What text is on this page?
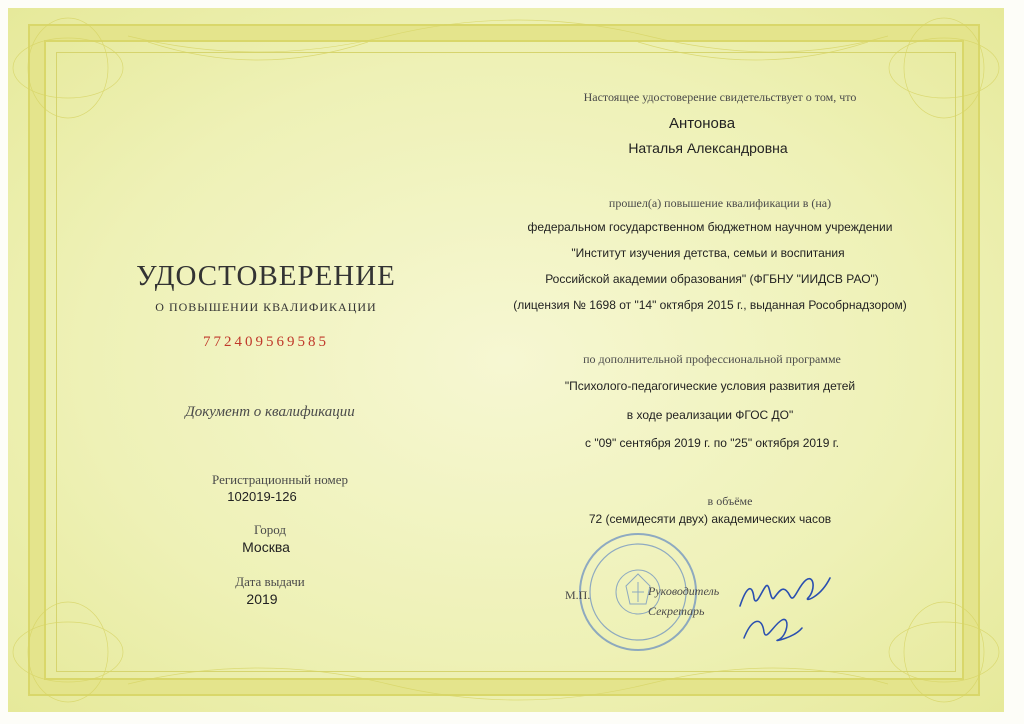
УДОСТОВЕРЕНИЕ
О ПОВЫШЕНИИ КВАЛИФИКАЦИИ
772409569585
Документ о квалификации
Регистрационный номер
102019-126
Город
Москва
Дата выдачи
2019
Настоящее удостоверение свидетельствует о том, что
Антонова
Наталья Александровна
прошел(а) повышение квалификации в (на)
федеральном государственном бюджетном научном учреждении
"Институт изучения детства, семьи и воспитания
Российской академии образования" (ФГБНУ "ИИДСВ РАО")
(лицензия № 1698 от "14" октября 2015 г., выданная Рособрнадзором)
по дополнительной профессиональной программе
"Психолого-педагогические условия развития детей
в ходе реализации ФГОС ДО"
с "09" сентября 2019 г. по "25" октября 2019 г.
в объёме
72 (семидесяти двух) академических часов
М.П.	Руководитель
Секретарь
